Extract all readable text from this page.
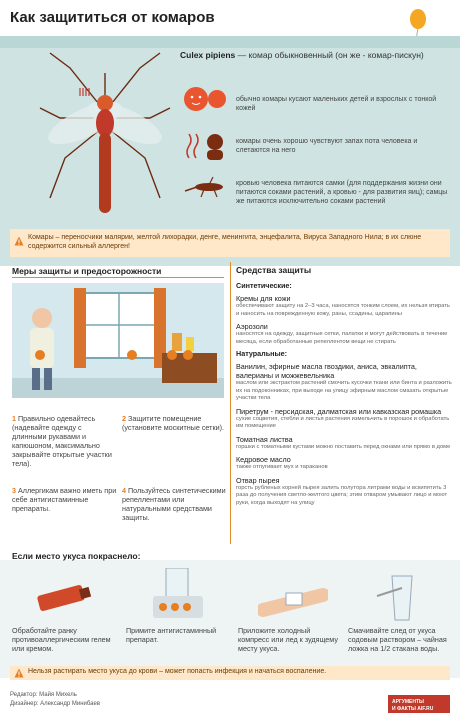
Как защититься от комаров
Culex pipiens — комар обыкновенный (он же - комар-пискун)
обычно комары кусают маленьких детей и взрослых с тонкой кожей
комары очень хорошо чувствуют запах пота человека и слетаются на него
кровью человека питаются самки (для поддержания жизни они питаются соками растений, а кровью - для развития яиц); самцы же питаются исключительно соками растений
Комары – переносчики малярии, желтой лихорадки, денге, менингита, энцефалита, Вируса Западного Нила; в их слюне содержится сильный аллерген!
Меры защиты и предосторожности
1 Правильно одевайтесь (надевайте одежду с длинными рукавами и капюшоном, максимально закрывайте открытые участки тела).
2 Защитите помещение (установите москитные сетки).
3 Аллергикам важно иметь при себе антигистаминные препараты.
4 Пользуйтесь синтетическими репеллентами или натуральными средствами защиты.
Средства защиты
Синтетические:
Кремы для кожи
обеспечивают защиту на 2–3 часа, наносятся тонким слоем, их нельзя втирать и наносить на поврежденную кожу, раны, ссадины, царапины
Аэрозоли
наносятся на одежду, защитные сетки, палатки и могут действовать в течение месяца, если обработанные репеллентом вещи не стирать
Натуральные:
Ванилин, эфирные масла гвоздики, аниса, эвкалипта, валерианы и можжевельника
маслом или экстрактом растений смочить кусочки ткани или бинта и разложить их на подоконниках, при выходе на улицу эфирным маслом смазать открытые участки тела
Пиретрум - персидская, далматская или кавказская ромашка
сухие соцветия, стебли и листья растения измельчить в порошок и обработать им помещение
Томатная листва
горшки с томатными кустами можно поставить перед окнами или прямо в доме
Кедровое масло
также отпугивает мух и тараканов
Отвар пырея
горсть рубленых корней пырея залить полутора литрами воды и вскипятить 3 раза до получения светло-желтого цвета; этим отваром умывают лицо и моют руки, когда выходят на улицу
Если место укуса покраснело:
Обработайте ранку противоаллергическим гелем или кремом.
Примите антигистаминный препарат.
Приложите холодный компресс или лед к зудящему месту укуса.
Смачивайте след от укуса содовым раствором – чайная ложка на 1/2 стакана воды.
Нельзя растирать место укуса до крови – может попасть инфекция и начаться воспаление.
Редактор: Майя Михель
Дизайнер: Александр Минибаев	АРГУМЕНТЫ
И ФАКТЫ AIF.RU
